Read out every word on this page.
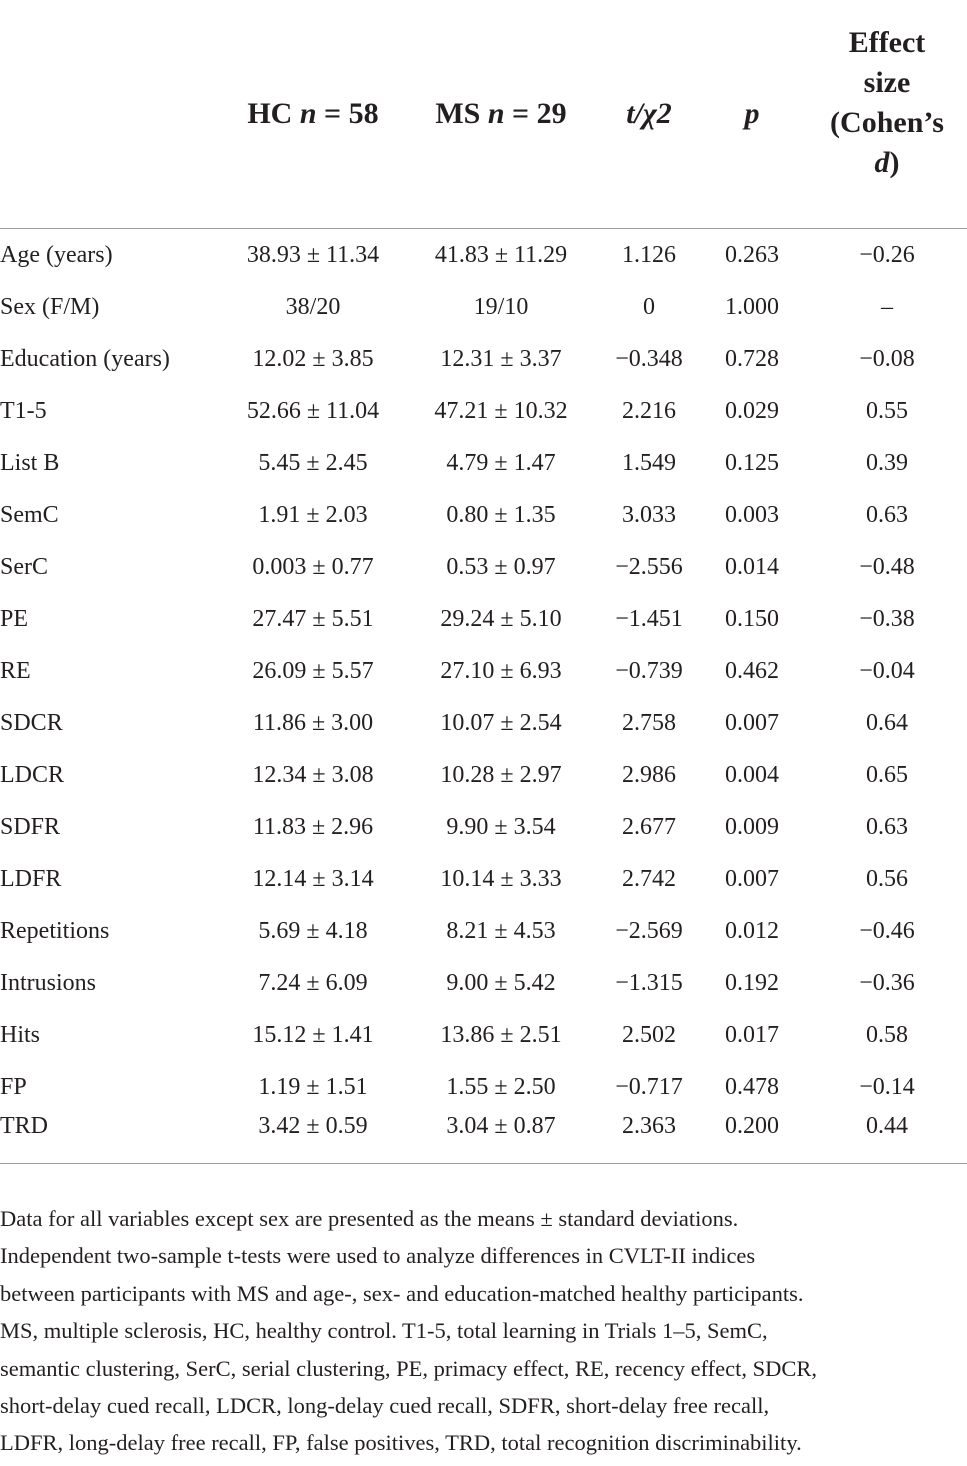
	HC n = 58	MS n = 29	t/χ2	p	Effect
size
(Cohen’s
d)
Age (years)	38.93 ± 11.34	41.83 ± 11.29	1.126	0.263	−0.26
Sex (F/M)	38/20	19/10	0	1.000	–
Education (years)	12.02 ± 3.85	12.31 ± 3.37	−0.348	0.728	−0.08
T1-5	52.66 ± 11.04	47.21 ± 10.32	2.216	0.029	0.55
List B	5.45 ± 2.45	4.79 ± 1.47	1.549	0.125	0.39
SemC	1.91 ± 2.03	0.80 ± 1.35	3.033	0.003	0.63
SerC	0.003 ± 0.77	0.53 ± 0.97	−2.556	0.014	−0.48
PE	27.47 ± 5.51	29.24 ± 5.10	−1.451	0.150	−0.38
RE	26.09 ± 5.57	27.10 ± 6.93	−0.739	0.462	−0.04
SDCR	11.86 ± 3.00	10.07 ± 2.54	2.758	0.007	0.64
LDCR	12.34 ± 3.08	10.28 ± 2.97	2.986	0.004	0.65
SDFR	11.83 ± 2.96	9.90 ± 3.54	2.677	0.009	0.63
LDFR	12.14 ± 3.14	10.14 ± 3.33	2.742	0.007	0.56
Repetitions	5.69 ± 4.18	8.21 ± 4.53	−2.569	0.012	−0.46
Intrusions	7.24 ± 6.09	9.00 ± 5.42	−1.315	0.192	−0.36
Hits	15.12 ± 1.41	13.86 ± 2.51	2.502	0.017	0.58
FP	1.19 ± 1.51	1.55 ± 2.50	−0.717	0.478	−0.14
TRD	3.42 ± 0.59	3.04 ± 0.87	2.363	0.200	0.44
Data for all variables except sex are presented as the means ± standard deviations.
Independent two-sample t-tests were used to analyze differences in CVLT-II indices
between participants with MS and age-, sex- and education-matched healthy participants.
MS, multiple sclerosis, HC, healthy control. T1-5, total learning in Trials 1–5, SemC,
semantic clustering, SerC, serial clustering, PE, primacy effect, RE, recency effect, SDCR,
short-delay cued recall, LDCR, long-delay cued recall, SDFR, short-delay free recall,
LDFR, long-delay free recall, FP, false positives, TRD, total recognition discriminability.
